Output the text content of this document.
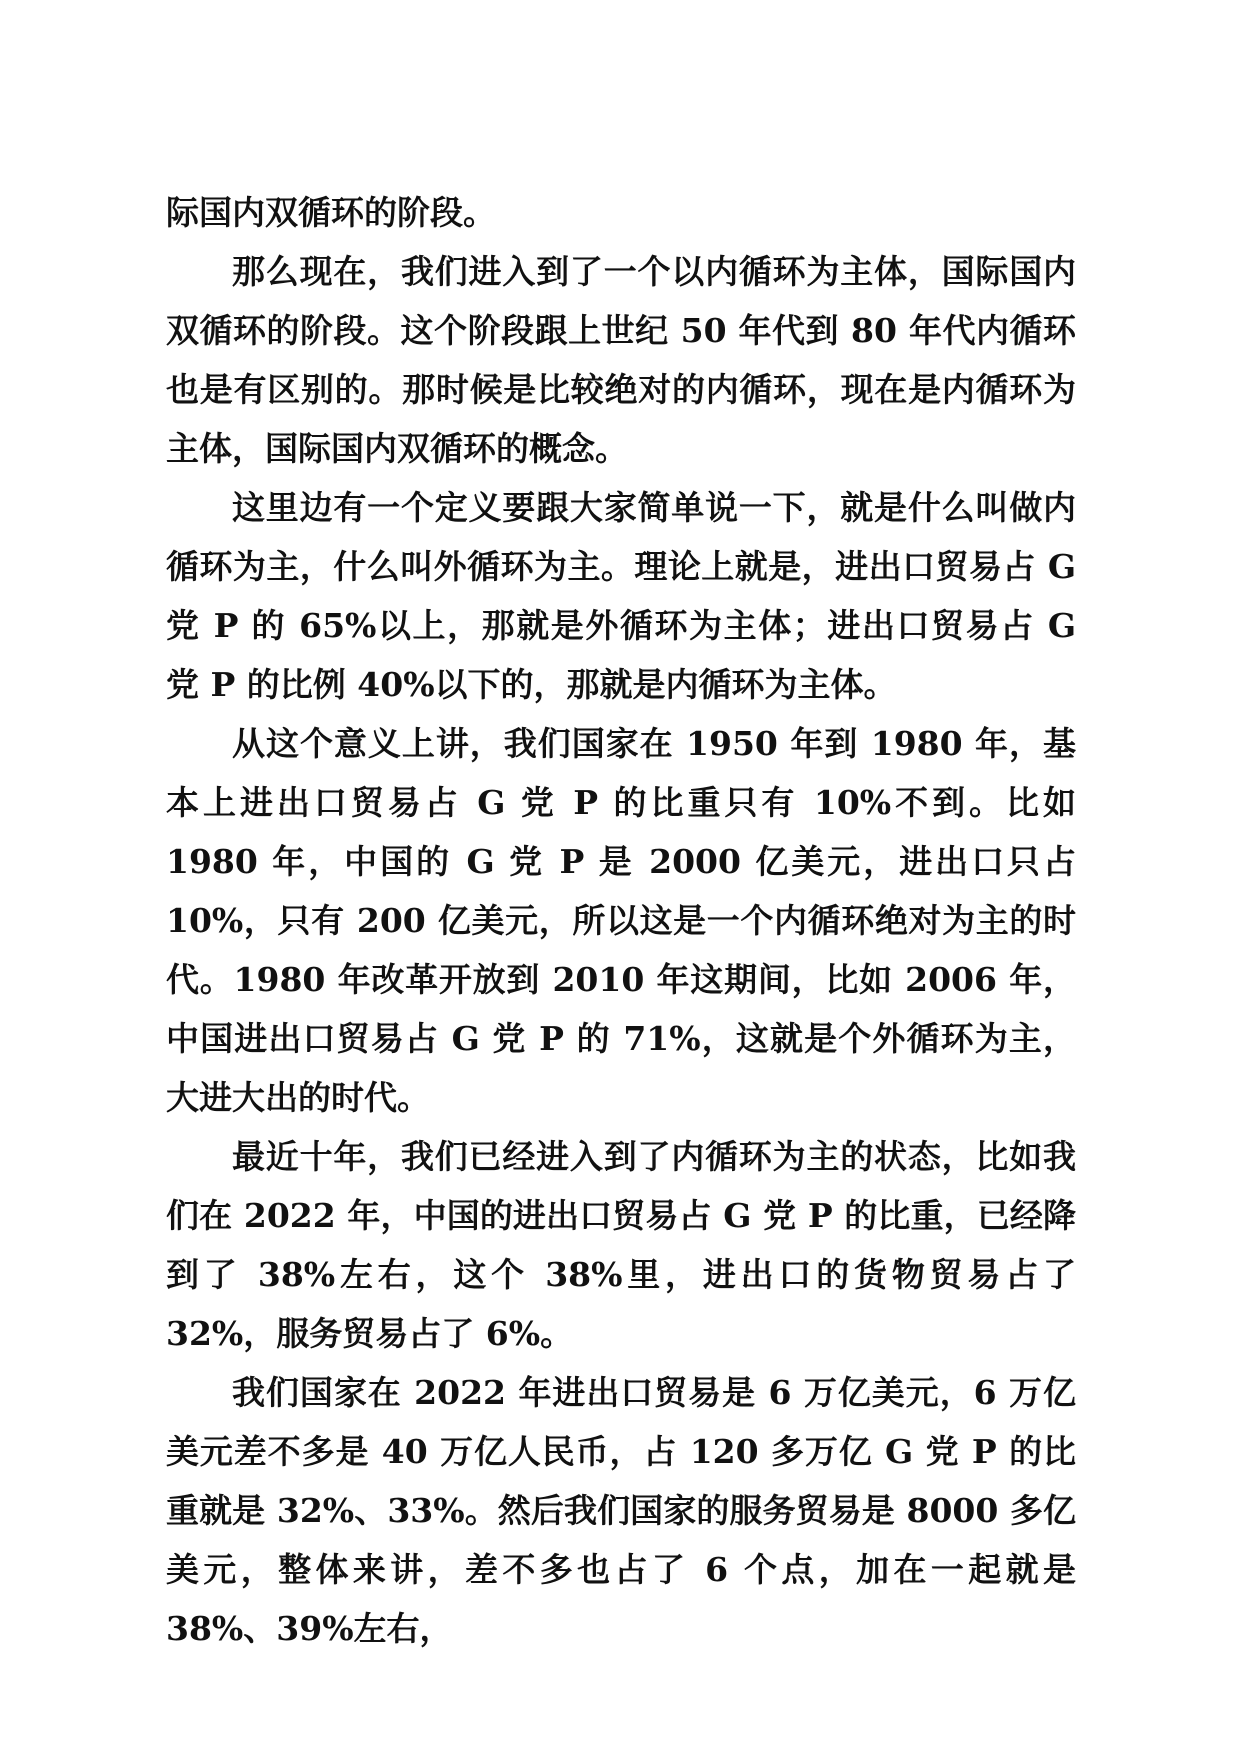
际国内双循环的阶段。

那么现在，我们进入到了一个以内循环为主体，国际国内双循环的阶段。这个阶段跟上世纪 50 年代到 80 年代内循环也是有区别的。那时候是比较绝对的内循环，现在是内循环为主体，国际国内双循环的概念。

这里边有一个定义要跟大家简单说一下，就是什么叫做内循环为主，什么叫外循环为主。理论上就是，进出口贸易占 G 党 P 的 65%以上，那就是外循环为主体；进出口贸易占 G 党 P 的比例 40%以下的，那就是内循环为主体。

从这个意义上讲，我们国家在 1950 年到 1980 年，基本上进出口贸易占 G 党 P 的比重只有 10%不到。比如 1980 年，中国的 G 党 P 是 2000 亿美元，进出口只占 10%，只有 200 亿美元，所以这是一个内循环绝对为主的时代。1980 年改革开放到 2010 年这期间，比如 2006 年，中国进出口贸易占 G 党 P 的 71%，这就是个外循环为主，大进大出的时代。

最近十年，我们已经进入到了内循环为主的状态，比如我们在 2022 年，中国的进出口贸易占 G 党 P 的比重，已经降到了 38%左右，这个 38%里，进出口的货物贸易占了 32%，服务贸易占了 6%。

我们国家在 2022 年进出口贸易是 6 万亿美元，6 万亿美元差不多是 40 万亿人民币，占 120 多万亿 G 党 P 的比重就是 32%、33%。然后我们国家的服务贸易是 8000 多亿美元，整体来讲，差不多也占了 6 个点，加在一起就是 38%、39%左右，
